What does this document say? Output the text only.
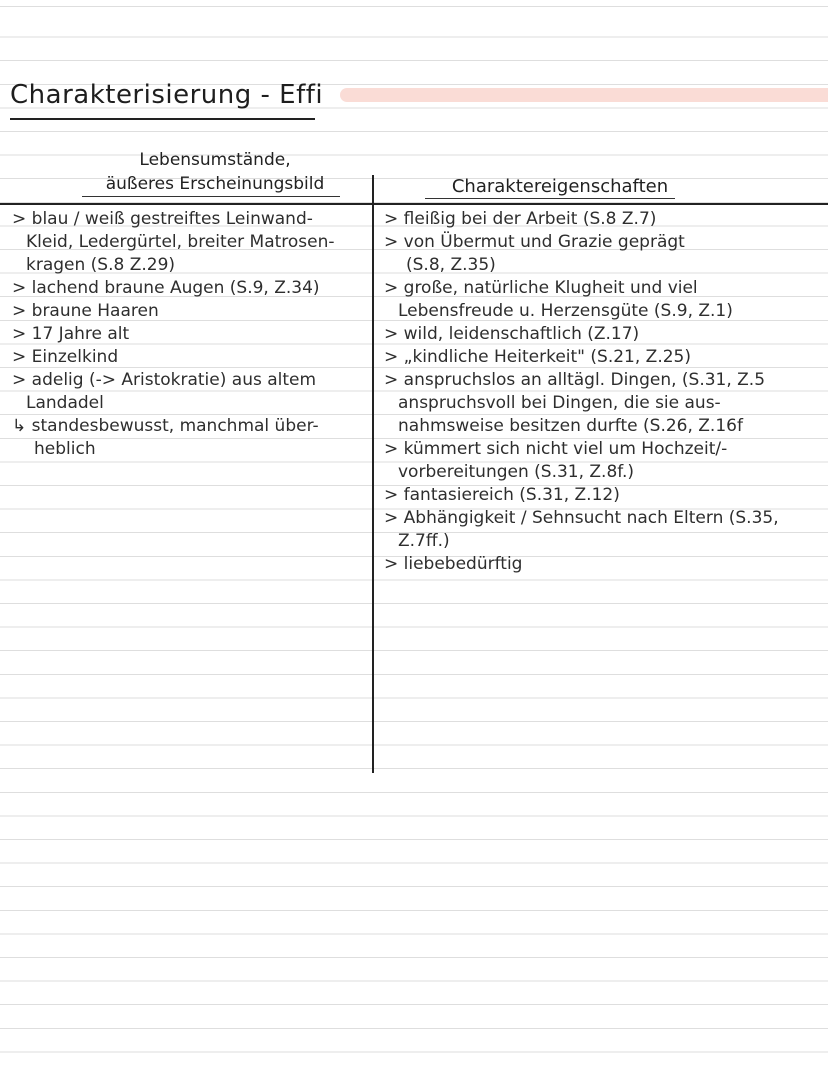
Charakterisierung - Effi
Lebensumstände,
äußeres Erscheinungsbild	Charaktereigenschaften
> blau / weiß gestreiftes Leinwand-
Kleid, Ledergürtel, breiter Matrosen-
kragen (S.8 Z.29)
> lachend braune Augen (S.9, Z.34)
> braune Haaren
> 17 Jahre alt
> Einzelkind
> adelig (-> Aristokratie) aus altem
Landadel
↳ standesbewusst, manchmal über-
heblich
> fleißig bei der Arbeit (S.8 Z.7)
> von Übermut und Grazie geprägt
(S.8, Z.35)
> große, natürliche Klugheit und viel
Lebensfreude u. Herzensgüte (S.9, Z.1)
> wild, leidenschaftlich (Z.17)
> „kindliche Heiterkeit" (S.21, Z.25)
> anspruchslos an alltägl. Dingen, (S.31, Z.5
anspruchsvoll bei Dingen, die sie aus-
nahmsweise besitzen durfte (S.26, Z.16f
> kümmert sich nicht viel um Hochzeit/-
vorbereitungen (S.31, Z.8f.)
> fantasiereich (S.31, Z.12)
> Abhängigkeit / Sehnsucht nach Eltern (S.35,
Z.7ff.)
> liebebedürftig
